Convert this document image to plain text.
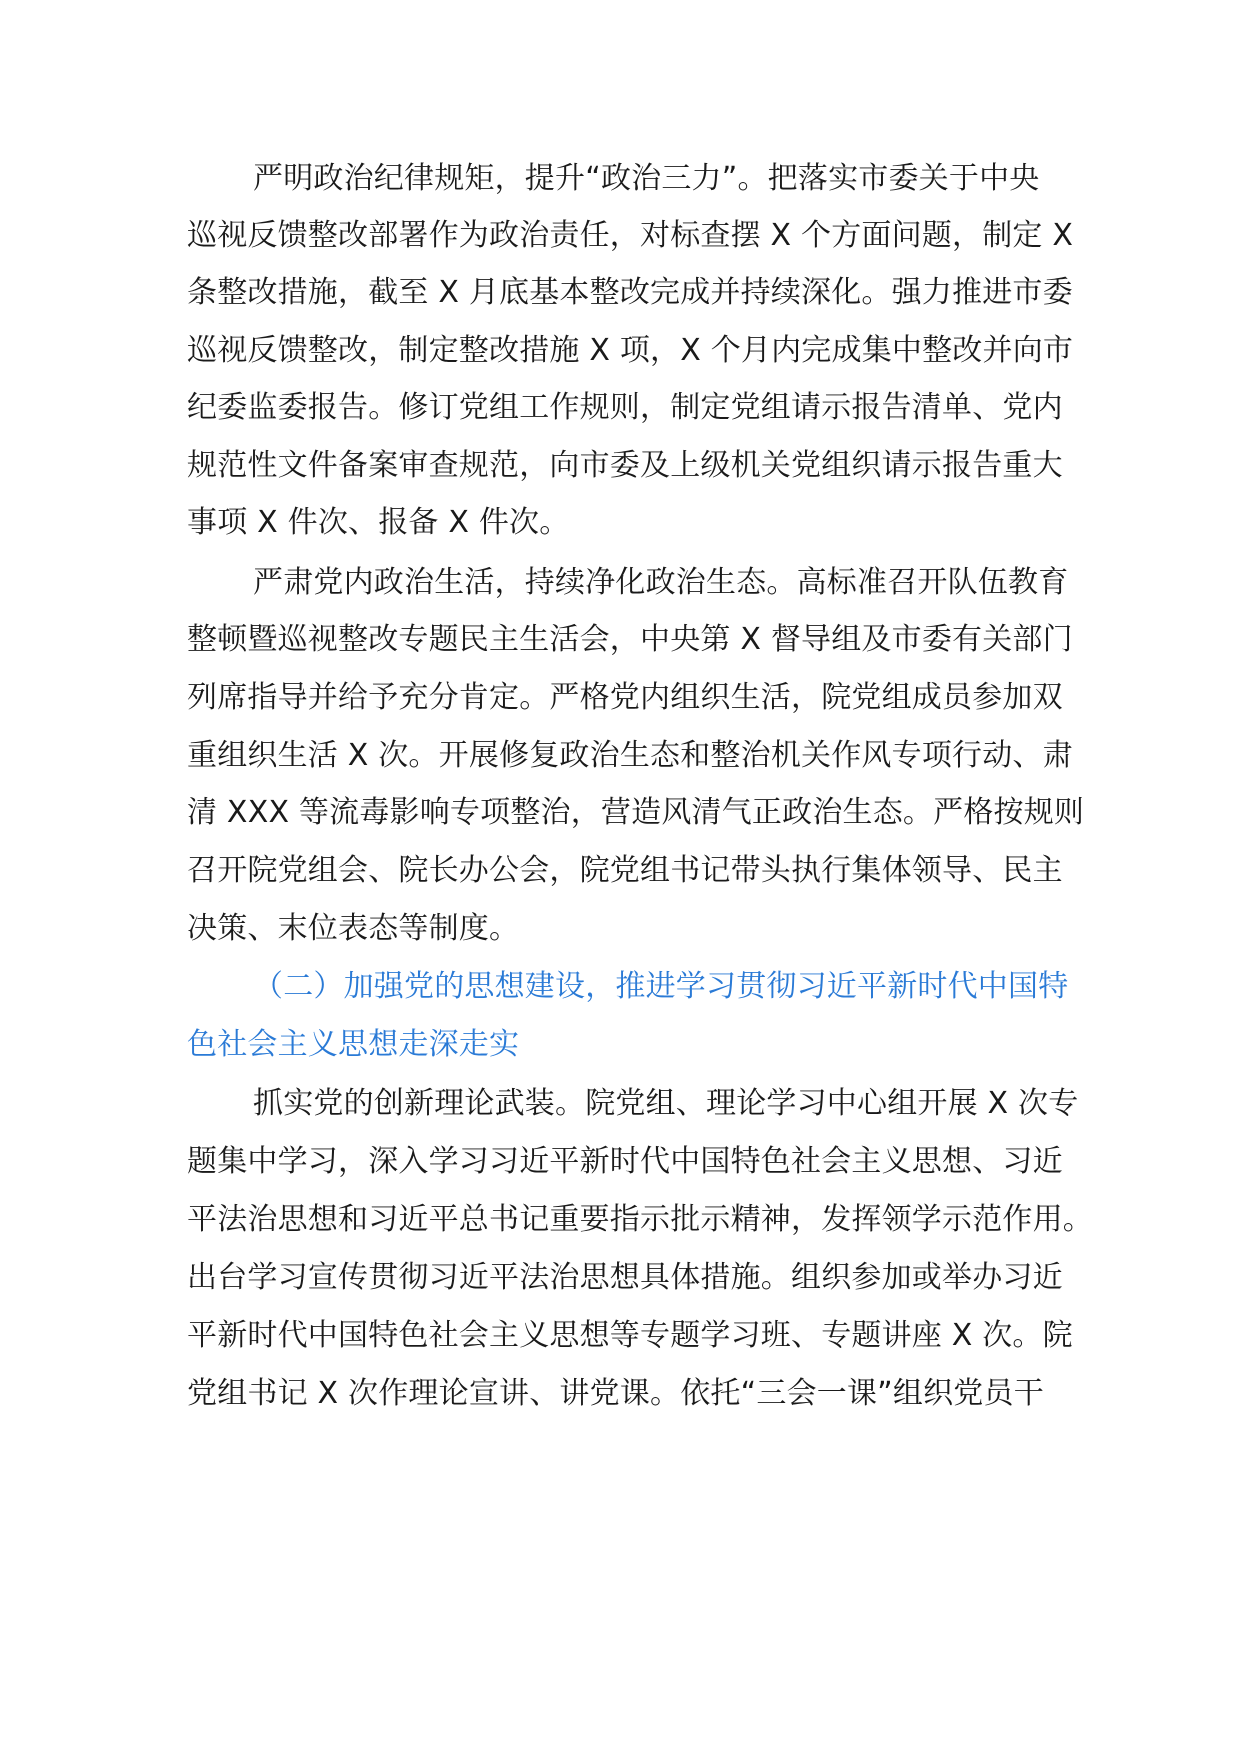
严明政治纪律规矩，提升“政治三力”。把落实市委关于中央
巡视反馈整改部署作为政治责任，对标查摆 X 个方面问题，制定 X
条整改措施，截至 X 月底基本整改完成并持续深化。强力推进市委
巡视反馈整改，制定整改措施 X 项，X 个月内完成集中整改并向市
纪委监委报告。修订党组工作规则，制定党组请示报告清单、党内
规范性文件备案审查规范，向市委及上级机关党组织请示报告重大
事项 X 件次、报备 X 件次。
严肃党内政治生活，持续净化政治生态。高标准召开队伍教育
整顿暨巡视整改专题民主生活会，中央第 X 督导组及市委有关部门
列席指导并给予充分肯定。严格党内组织生活，院党组成员参加双
重组织生活 X 次。开展修复政治生态和整治机关作风专项行动、肃
清 XXX 等流毒影响专项整治，营造风清气正政治生态。严格按规则
召开院党组会、院长办公会，院党组书记带头执行集体领导、民主
决策、末位表态等制度。
（二）加强党的思想建设，推进学习贯彻习近平新时代中国特
色社会主义思想走深走实
抓实党的创新理论武装。院党组、理论学习中心组开展 X 次专
题集中学习，深入学习习近平新时代中国特色社会主义思想、习近
平法治思想和习近平总书记重要指示批示精神，发挥领学示范作用。
出台学习宣传贯彻习近平法治思想具体措施。组织参加或举办习近
平新时代中国特色社会主义思想等专题学习班、专题讲座 X 次。院
党组书记 X 次作理论宣讲、讲党课。依托“三会一课”组织党员干
